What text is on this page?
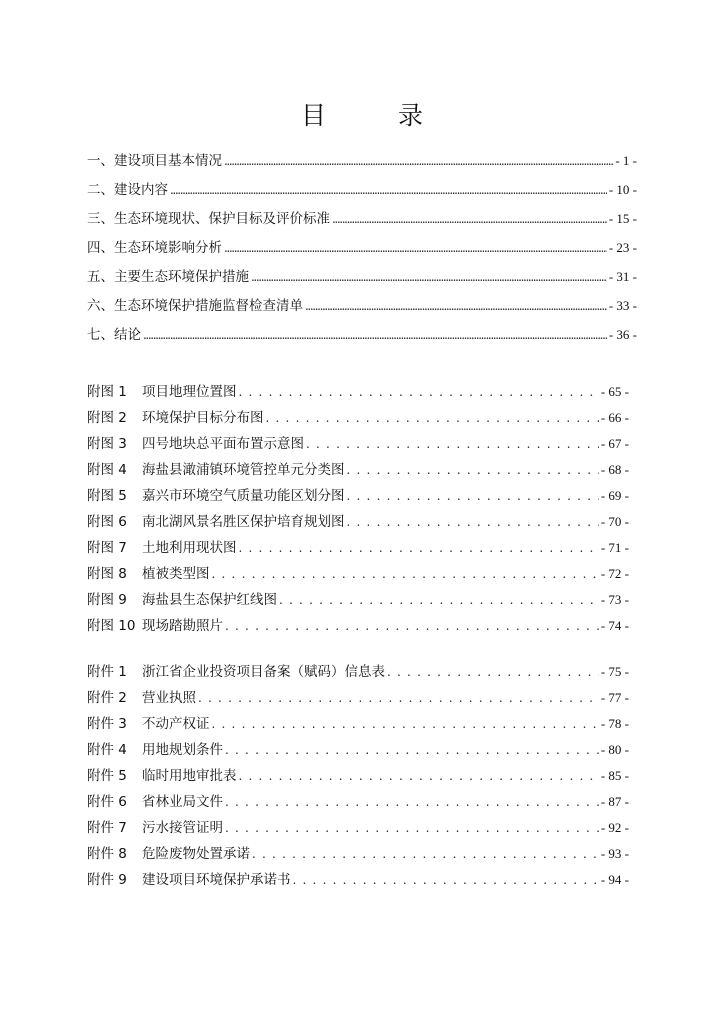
目 录
一、建设项目基本情况 . . .	- 1 -
二、建设内容 . . .	- 10 -
三、生态环境现状、保护目标及评价标准 . . .	- 15 -
四、生态环境影响分析 . . .	- 23 -
五、主要生态环境保护措施 . . .	- 31 -
六、生态环境保护措施监督检查清单 . . .	- 33 -
七、结论 . . .	- 36 -
附图 1	项目地理位置图 . . .	- 65 -
附图 2	环境保护目标分布图 . . .	- 66 -
附图 3	四号地块总平面布置示意图 . . .	- 67 -
附图 4	海盐县澉浦镇环境管控单元分类图 . . .	- 68 -
附图 5	嘉兴市环境空气质量功能区划分图 . . .	- 69 -
附图 6	南北湖风景名胜区保护培育规划图 . . .	- 70 -
附图 7	土地利用现状图 . . .	- 71 -
附图 8	植被类型图 . . .	- 72 -
附图 9	海盐县生态保护红线图 . . .	- 73 -
附图 10 现场踏勘照片 . . .	- 74 -
附件 1	浙江省企业投资项目备案（赋码）信息表 . . .	- 75 -
附件 2	营业执照 . . .	- 77 -
附件 3	不动产权证 . . .	- 78 -
附件 4	用地规划条件 . . .	- 80 -
附件 5	临时用地审批表 . . .	- 85 -
附件 6	省林业局文件 . . .	- 87 -
附件 7	污水接管证明 . . .	- 92 -
附件 8	危险废物处置承诺 . . .	- 93 -
附件 9	建设项目环境保护承诺书 . . .	- 94 -
